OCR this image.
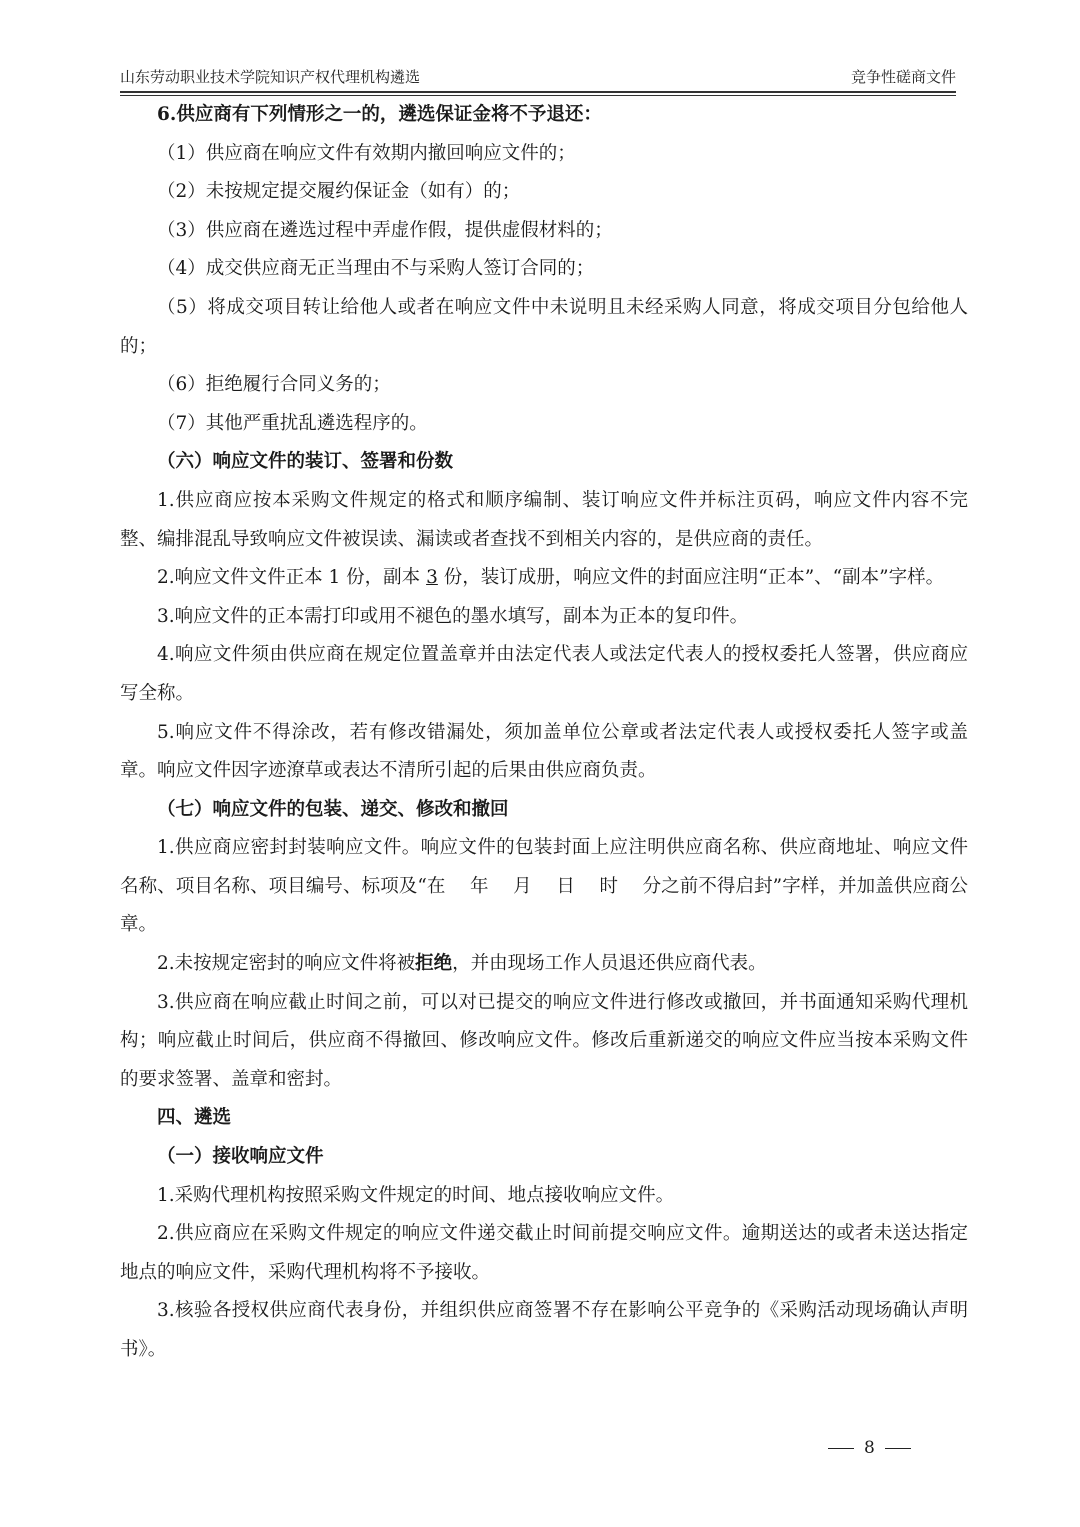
山东劳动职业技术学院知识产权代理机构遴选	竞争性磋商文件

6.供应商有下列情形之一的，遴选保证金将不予退还：

（1）供应商在响应文件有效期内撤回响应文件的；

（2）未按规定提交履约保证金（如有）的；

（3）供应商在遴选过程中弄虚作假，提供虚假材料的；

（4）成交供应商无正当理由不与采购人签订合同的；

（5）将成交项目转让给他人或者在响应文件中未说明且未经采购人同意，将成交项目分包给他人的；

（6）拒绝履行合同义务的；

（7）其他严重扰乱遴选程序的。

（六）响应文件的装订、签署和份数

1.供应商应按本采购文件规定的格式和顺序编制、装订响应文件并标注页码，响应文件内容不完整、编排混乱导致响应文件被误读、漏读或者查找不到相关内容的，是供应商的责任。

2.响应文件文件正本 1 份，副本 3 份，装订成册，响应文件的封面应注明“正本”、“副本”字样。

3.响应文件的正本需打印或用不褪色的墨水填写，副本为正本的复印件。

4.响应文件须由供应商在规定位置盖章并由法定代表人或法定代表人的授权委托人签署，供应商应写全称。

5.响应文件不得涂改，若有修改错漏处，须加盖单位公章或者法定代表人或授权委托人签字或盖章。响应文件因字迹潦草或表达不清所引起的后果由供应商负责。

（七）响应文件的包装、递交、修改和撤回

1.供应商应密封封装响应文件。响应文件的包装封面上应注明供应商名称、供应商地址、响应文件名称、项目名称、项目编号、标项及“在　 年　 月　 日　 时　 分之前不得启封”字样，并加盖供应商公章。

2.未按规定密封的响应文件将被拒绝，并由现场工作人员退还供应商代表。

3.供应商在响应截止时间之前，可以对已提交的响应文件进行修改或撤回，并书面通知采购代理机构；响应截止时间后，供应商不得撤回、修改响应文件。修改后重新递交的响应文件应当按本采购文件的要求签署、盖章和密封。

四、遴选

（一）接收响应文件

1.采购代理机构按照采购文件规定的时间、地点接收响应文件。

2.供应商应在采购文件规定的响应文件递交截止时间前提交响应文件。逾期送达的或者未送达指定地点的响应文件，采购代理机构将不予接收。

3.核验各授权供应商代表身份，并组织供应商签署不存在影响公平竞争的《采购活动现场确认声明书》。

8
